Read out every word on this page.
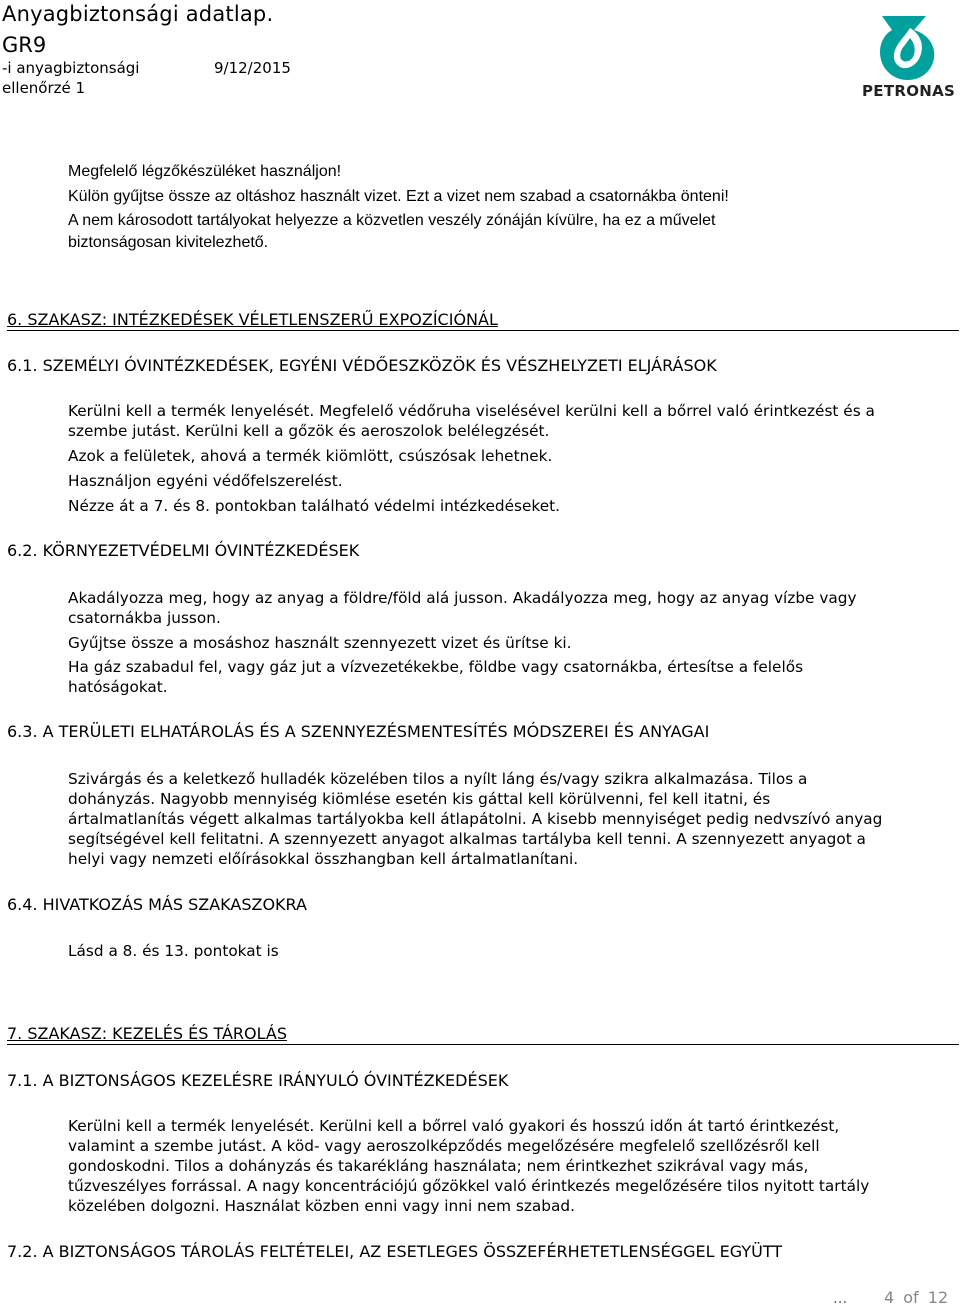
Anyagbiztonsági adatlap.
GR9
-i anyagbiztonsági	9/12/2015
ellenőrzé 1	PETRONAS
Megfelelő légzőkészüléket használjon!
Külön gyűjtse össze az oltáshoz használt vizet. Ezt a vizet nem szabad a csatornákba önteni!
A nem károsodott tartályokat helyezze a közvetlen veszély zónáján kívülre, ha ez a művelet
biztonságosan kivitelezhető.
6. SZAKASZ: INTÉZKEDÉSEK VÉLETLENSZERŰ EXPOZÍCIÓNÁL
6.1. SZEMÉLYI ÓVINTÉZKEDÉSEK, EGYÉNI VÉDŐESZKÖZÖK ÉS VÉSZHELYZETI ELJÁRÁSOK
Kerülni kell a termék lenyelését. Megfelelő védőruha viselésével kerülni kell a bőrrel való érintkezést és a
szembe jutást. Kerülni kell a gőzök és aeroszolok belélegzését.
Azok a felületek, ahová a termék kiömlött, csúszósak lehetnek.
Használjon egyéni védőfelszerelést.
Nézze át a 7. és 8. pontokban található védelmi intézkedéseket.
6.2. KÖRNYEZETVÉDELMI ÓVINTÉZKEDÉSEK
Akadályozza meg, hogy az anyag a földre/föld alá jusson. Akadályozza meg, hogy az anyag vízbe vagy
csatornákba jusson.
Gyűjtse össze a mosáshoz használt szennyezett vizet és ürítse ki.
Ha gáz szabadul fel, vagy gáz jut a vízvezetékekbe, földbe vagy csatornákba, értesítse a felelős
hatóságokat.
6.3. A TERÜLETI ELHATÁROLÁS ÉS A SZENNYEZÉSMENTESÍTÉS MÓDSZEREI ÉS ANYAGAI
Szivárgás és a keletkező hulladék közelében tilos a nyílt láng és/vagy szikra alkalmazása. Tilos a
dohányzás. Nagyobb mennyiség kiömlése esetén kis gáttal kell körülvenni, fel kell itatni, és
ártalmatlanítás végett alkalmas tartályokba kell átlapátolni. A kisebb mennyiséget pedig nedvszívó anyag
segítségével kell felitatni. A szennyezett anyagot alkalmas tartályba kell tenni. A szennyezett anyagot a
helyi vagy nemzeti előírásokkal összhangban kell ártalmatlanítani.
6.4. HIVATKOZÁS MÁS SZAKASZOKRA
Lásd a 8. és 13. pontokat is
7. SZAKASZ: KEZELÉS ÉS TÁROLÁS
7.1. A BIZTONSÁGOS KEZELÉSRE IRÁNYULÓ ÓVINTÉZKEDÉSEK
Kerülni kell a termék lenyelését. Kerülni kell a bőrrel való gyakori és hosszú időn át tartó érintkezést,
valamint a szembe jutást. A köd- vagy aeroszolképződés megelőzésére megfelelő szellőzésről kell
gondoskodni. Tilos a dohányzás és takarékláng használata; nem érintkezhet szikrával vagy más,
tűzveszélyes forrással. A nagy koncentrációjú gőzökkel való érintkezés megelőzésére tilos nyitott tartály
közelében dolgozni. Használat közben enni vagy inni nem szabad.
7.2. A BIZTONSÁGOS TÁROLÁS FELTÉTELEI, AZ ESETLEGES ÖSSZEFÉRHETETLENSÉGGEL EGYÜTT
... 4 of 12
